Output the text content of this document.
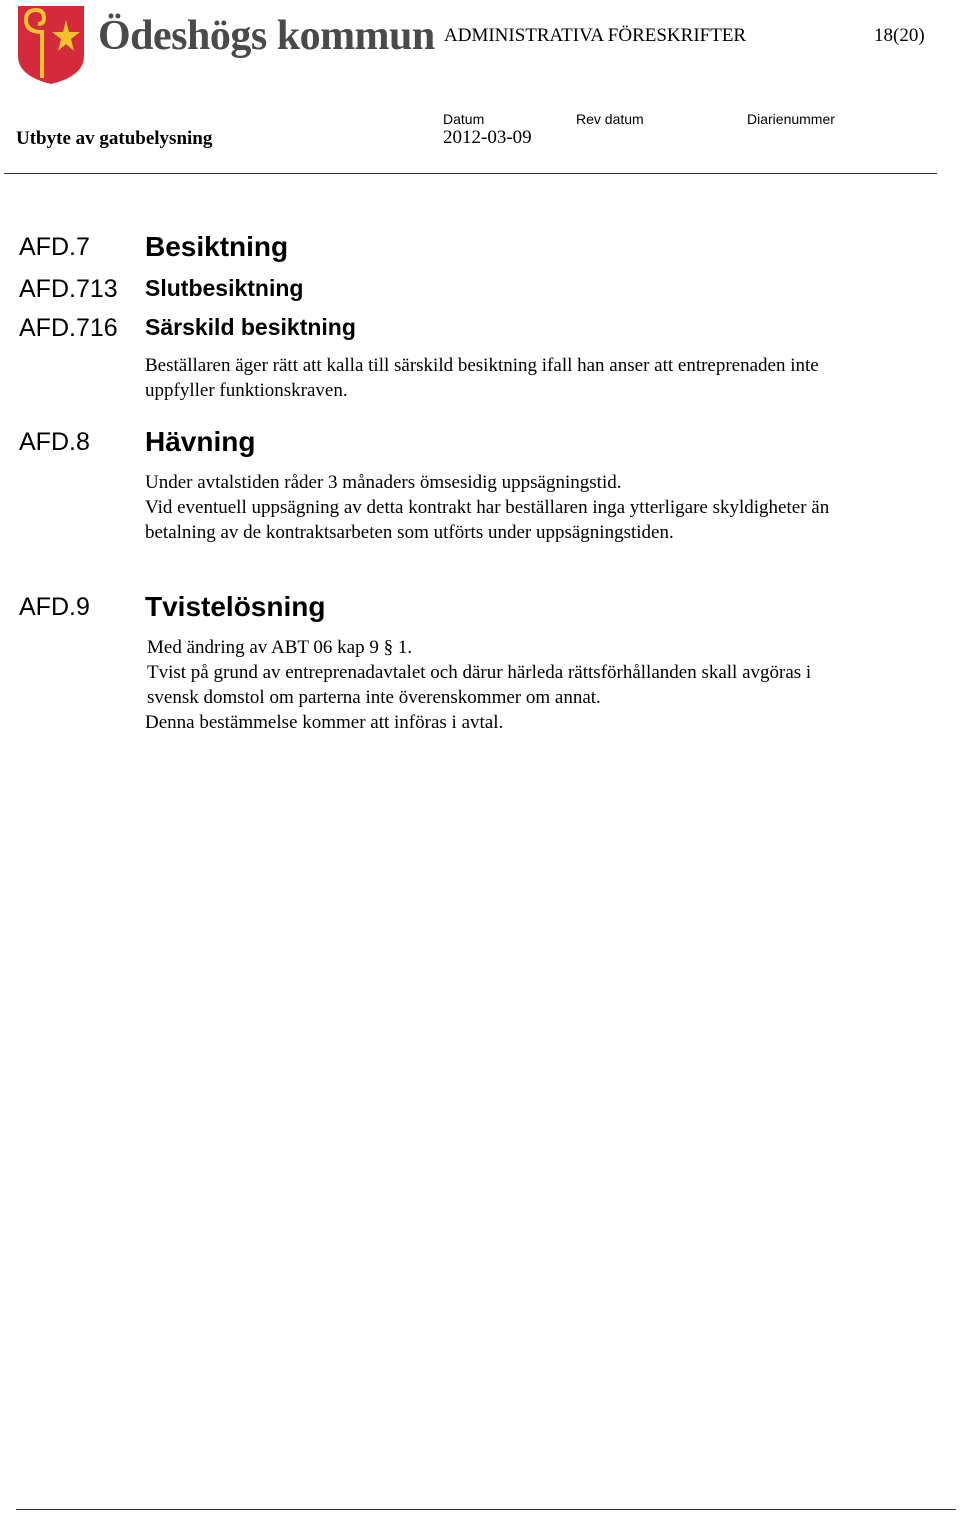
Ödeshögs kommun ADMINISTRATIVA FÖRESKRIFTER	18(20)
Datum	Rev datum	Diarienummer
Utbyte av gatubelysning	2012-03-09
AFD.7 Besiktning
AFD.713 Slutbesiktning
AFD.716 Särskild besiktning
Beställaren äger rätt att kalla till särskild besiktning ifall han anser att entreprenaden inte
uppfyller funktionskraven.
AFD.8 Hävning
Under avtalstiden råder 3 månaders ömsesidig uppsägningstid.
Vid eventuell uppsägning av detta kontrakt har beställaren inga ytterligare skyldigheter än
betalning av de kontraktsarbeten som utförts under uppsägningstiden.
AFD.9 Tvistelösning
Med ändring av ABT 06 kap 9 § 1.
Tvist på grund av entreprenadavtalet och därur härleda rättsförhållanden skall avgöras i
svensk domstol om parterna inte överenskommer om annat.
Denna bestämmelse kommer att införas i avtal.
